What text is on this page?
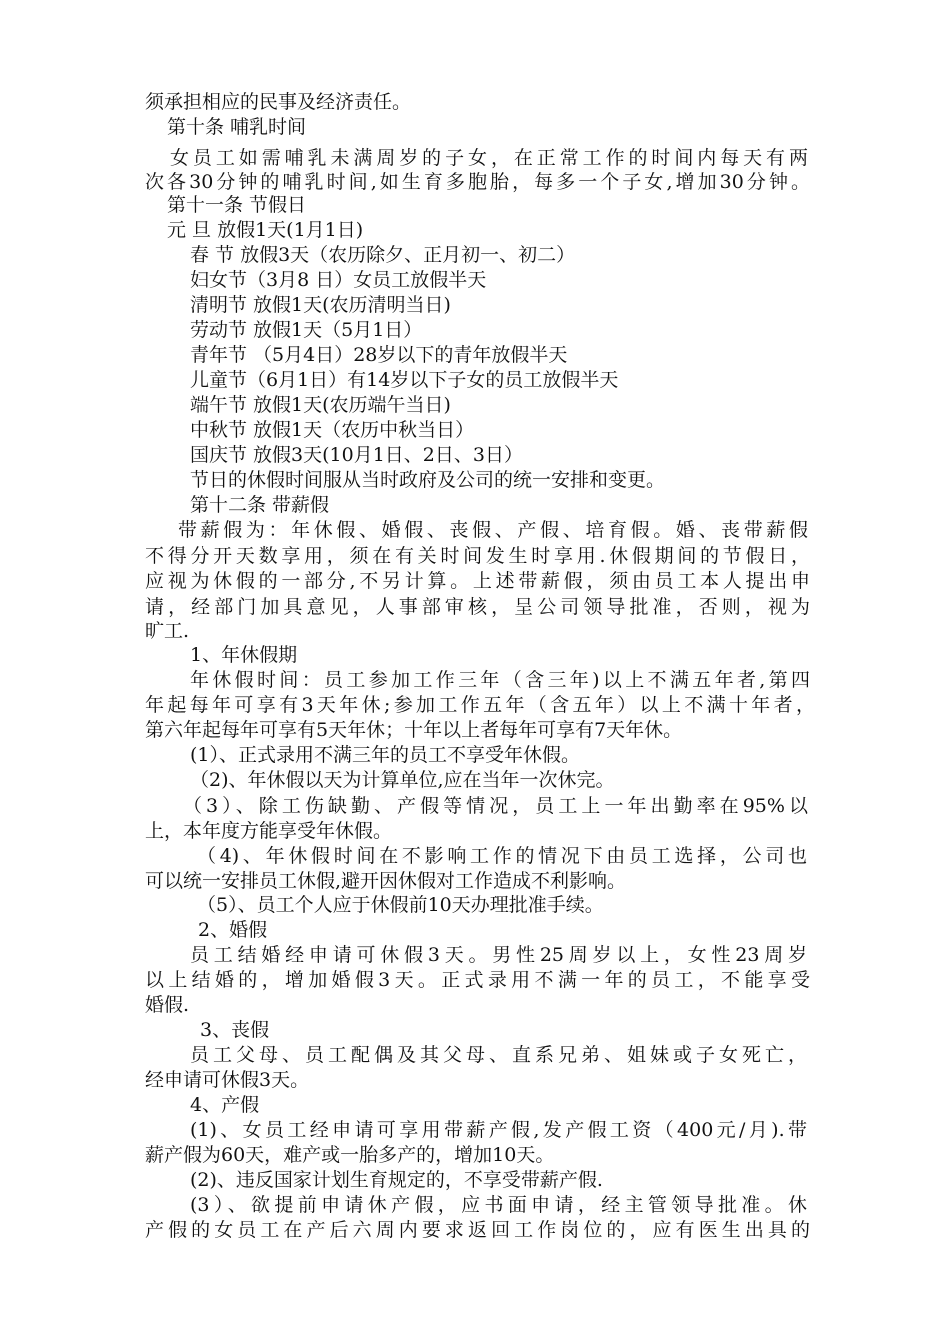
须承担相应的民事及经济责任。
第十条 哺乳时间
女员工如需哺乳未满周岁的子女，在正常工作的时间内每天有两
次各30分钟的哺乳时间,如生育多胞胎，每多一个子女,增加30分钟。
第十一条 节假日
元 旦 放假1天(1月1日)
春 节 放假3天（农历除夕、正月初一、初二）
妇女节（3月8 日）女员工放假半天
清明节 放假1天(农历清明当日)
劳动节 放假1天（5月1日）
青年节 （5月4日）28岁以下的青年放假半天
儿童节（6月1日）有14岁以下子女的员工放假半天
端午节 放假1天(农历端午当日)
中秋节 放假1天（农历中秋当日）
国庆节 放假3天(10月1日、2日、3日）
节日的休假时间服从当时政府及公司的统一安排和变更。
第十二条 带薪假
带薪假为：年休假、婚假、丧假、产假、培育假。婚、丧带薪假
不得分开天数享用，须在有关时间发生时享用.休假期间的节假日，
应视为休假的一部分,不另计算。上述带薪假，须由员工本人提出申
请，经部门加具意见，人事部审核，呈公司领导批准，否则，视为
旷工.
1、年休假期
年休假时间：员工参加工作三年（含三年)以上不满五年者,第四
年起每年可享有3天年休;参加工作五年（含五年）以上不满十年者，
第六年起每年可享有5天年休；十年以上者每年可享有7天年休。
(1）、正式录用不满三年的员工不享受年休假。
（2)、年休假以天为计算单位,应在当年一次休完。
（3）、除工伤缺勤、产假等情况，员工上一年出勤率在95%以
上，本年度方能享受年休假。
（4)、年休假时间在不影响工作的情况下由员工选择，公司也
可以统一安排员工休假,避开因休假对工作造成不利影响。
（5）、员工个人应于休假前10天办理批准手续。
2、婚假
员工结婚经申请可休假3天。男性25周岁以上，女性23周岁
以上结婚的，增加婚假3天。正式录用不满一年的员工，不能享受
婚假.
3、丧假
员工父母、员工配偶及其父母、直系兄弟、姐妹或子女死亡，
经申请可休假3天。
4、产假
(1)、女员工经申请可享用带薪产假,发产假工资（400元/月).带
薪产假为60天，难产或一胎多产的，增加10天。
(2)、违反国家计划生育规定的，不享受带薪产假.
(3）、欲提前申请休产假，应书面申请，经主管领导批准。休
产假的女员工在产后六周内要求返回工作岗位的，应有医生出具的
